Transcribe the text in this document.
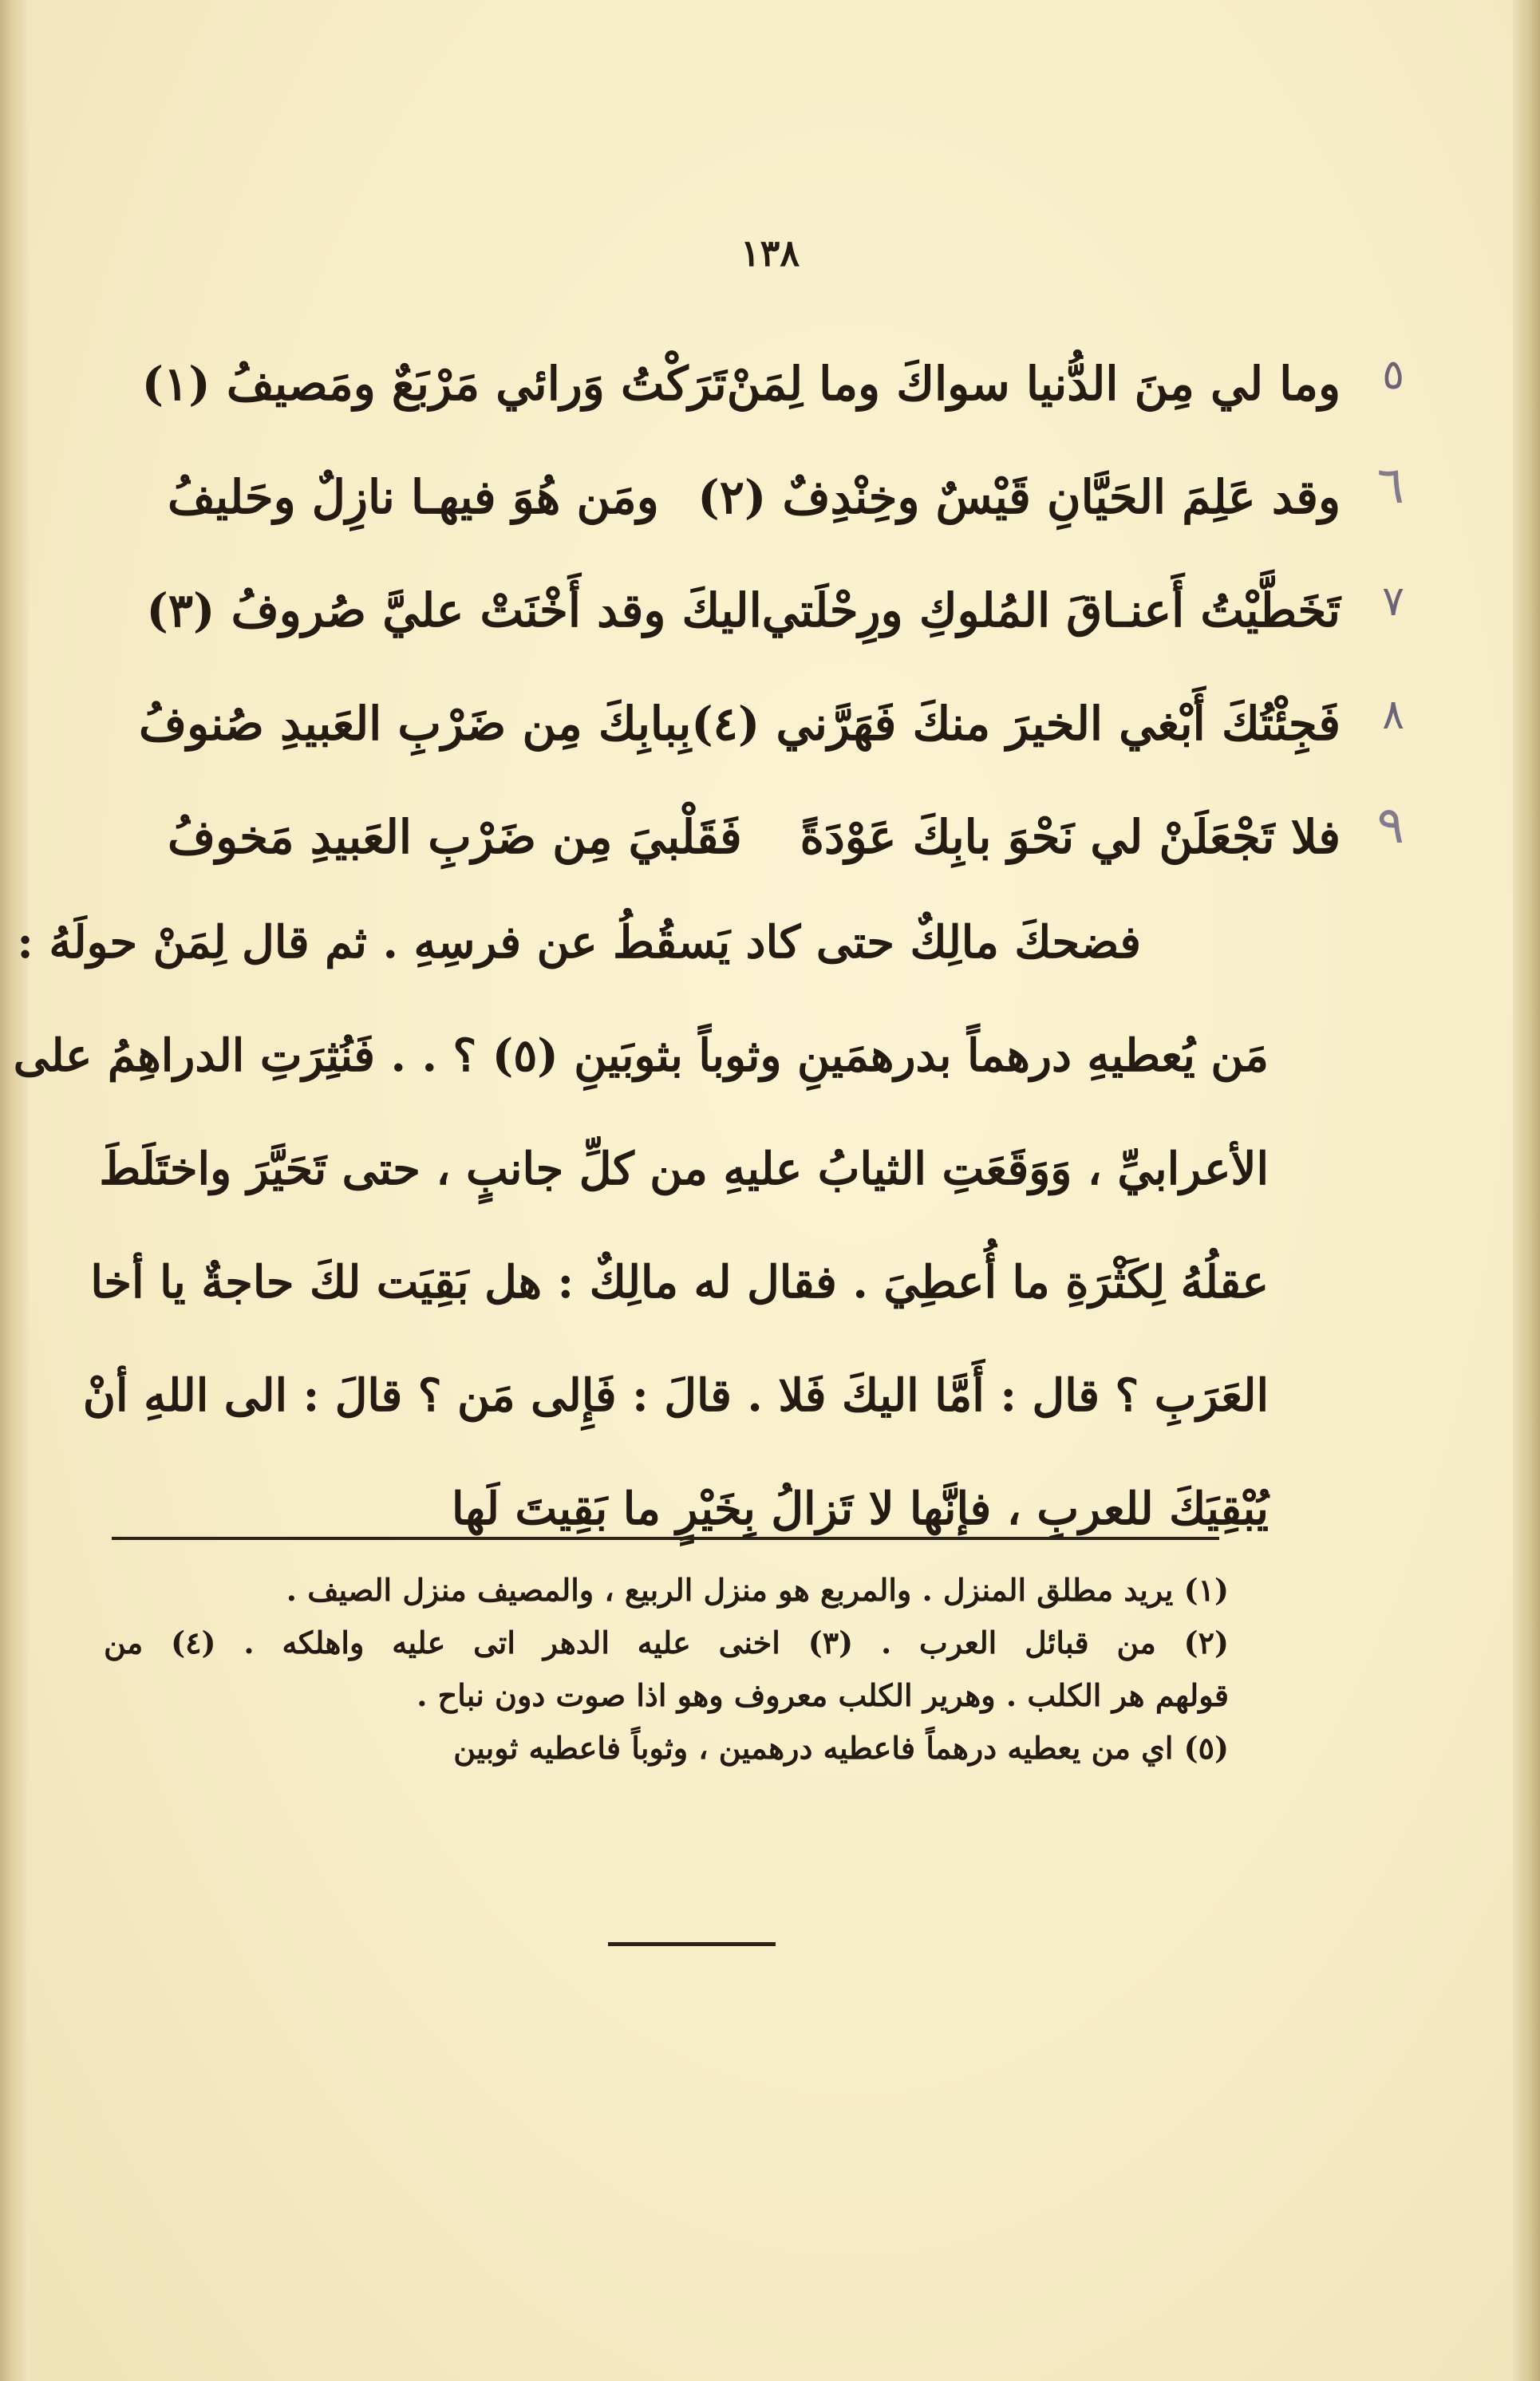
١٣٨
٥
وما لي مِنَ الدُّنيا سواكَ وما لِمَنْ
تَرَكْتُ وَرائي مَرْبَعٌ ومَصيفُ (١)
٦
وقد عَلِمَ الحَيَّانِ قَيْسٌ وخِنْدِفٌ (٢)
ومَن هُوَ فيهـا نازِلٌ وحَليفُ
٧
تَخَطَّيْتُ أَعنـاقَ المُلوكِ ورِحْلَتي
اليكَ وقد أَخْنَتْ عليَّ صُروفُ (٣)
٨
فَجِئْتُكَ أَبْغي الخيرَ منكَ فَهَرَّني (٤)
بِبابِكَ مِن ضَرْبِ العَبيدِ صُنوفُ
٩
فلا تَجْعَلَنْ لي نَحْوَ بابِكَ عَوْدَةً
فَقَلْبيَ مِن ضَرْبِ العَبيدِ مَخوفُ
فضحكَ مالِكٌ حتى كاد يَسقُطُ عن فرسِهِ . ثم قال لِمَنْ حولَهُ :
مَن يُعطيهِ درهماً بدرهمَينِ وثوباً بثوبَينِ (٥) ؟ . . فَنُثِرَتِ الدراهِمُ على
الأعرابيِّ ، وَوَقَعَتِ الثيابُ عليهِ من كلِّ جانبٍ ، حتى تَحَيَّرَ واختَلَطَ
عقلُهُ لِكَثْرَةِ ما أُعطِيَ . فقال له مالِكٌ : هل بَقِيَت لكَ حاجةٌ يا أخا
العَرَبِ ؟ قال : أَمَّا اليكَ فَلا . قالَ : فَإِلى مَن ؟ قالَ : الى اللهِ أنْ
يُبْقِيَكَ للعربِ ، فإنَّها لا تَزالُ بِخَيْرٍ ما بَقِيتَ لَها
(١) يريد مطلق المنزل . والمربع هو منزل الربيع ، والمصيف منزل الصيف .
(٢) من قبائل العرب . (٣) اخنى عليه الدهر اتى عليه واهلكه . (٤) من
قولهم هر الكلب . وهرير الكلب معروف وهو اذا صوت دون نباح .
(٥) اي من يعطيه درهماً فاعطيه درهمين ، وثوباً فاعطيه ثوبين
